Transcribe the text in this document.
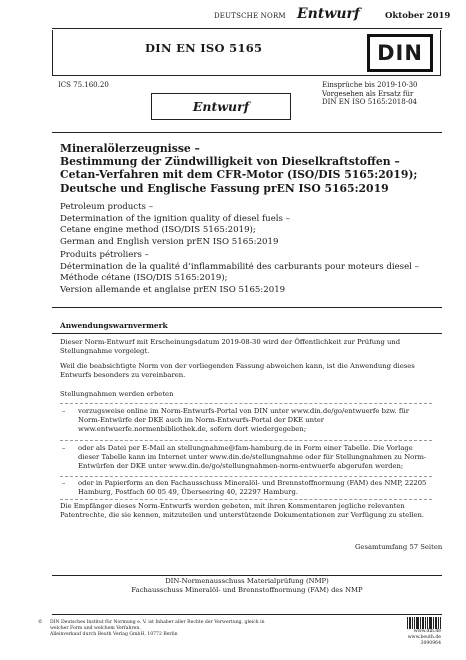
DEUTSCHE NORM Entwurf	Oktober 2019
DIN EN ISO 5165	DIN
ICS 75.160.20	Einsprüche bis 2019-10-30
Vorgesehen als Ersatz für
DIN EN ISO 5165:2018-04
Entwurf
Mineralölerzeugnisse –
Bestimmung der Zündwilligkeit von Dieselkraftstoffen –
Cetan-Verfahren mit dem CFR-Motor (ISO/DIS 5165:2019);
Deutsche und Englische Fassung prEN ISO 5165:2019
Petroleum products –
Determination of the ignition quality of diesel fuels –
Cetane engine method (ISO/DIS 5165:2019);
German and English version prEN ISO 5165:2019
Produits pétroliers –
Détermination de la qualité d’inflammabilité des carburants pour moteurs diesel –
Méthode cétane (ISO/DIS 5165:2019);
Version allemande et anglaise prEN ISO 5165:2019
Anwendungswarnvermerk
Dieser Norm-Entwurf mit Erscheinungsdatum 2019-08-30 wird der Öffentlichkeit zur Prüfung und Stellungnahme vorgelegt.
Weil die beabsichtigte Norm von der vorliegenden Fassung abweichen kann, ist die Anwendung dieses Entwurfs besonders zu vereinbaren.
Stellungnahmen werden erbeten
– vorzugsweise online im Norm-Entwurfs-Portal von DIN unter www.din.de/go/entwuerfe bzw. für Norm-Entwürfe der DKE auch im Norm-Entwurfs-Portal der DKE unter www.entwuerfe.normenbibliothek.de, sofern dort wiedergegeben;
– oder als Datei per E-Mail an stellungnahme@fam-hamburg.de in Form einer Tabelle. Die Vorlage dieser Tabelle kann im Internet unter www.din.de/stellungnahme oder für Stellungnahmen zu Norm-Entwürfen der DKE unter www.din.de/go/stellungnahmen-norm-entwuerfe abgerufen werden;
– oder in Papierform an den Fachausschuss Mineralöl- und Brennstoffnormung (FAM) des NMP, 22205 Hamburg, Postfach 60 05 49, Überseering 40, 22297 Hamburg.
Die Empfänger dieses Norm-Entwurfs werden gebeten, mit ihren Kommentaren jegliche relevanten Patentrechte, die sie kennen, mitzuteilen und unterstützende Dokumentationen zur Verfügung zu stellen.
Gesamtumfang 57 Seiten
DIN-Normenausschuss Materialprüfung (NMP)
Fachausschuss Mineralöl- und Brennstoffnormung (FAM) des NMP
© DIN Deutsches Institut für Normung e. V. ist Inhaber aller Rechte der Verwertung, gleich in
welcher Form und welchem Verfahren.
Alleinverkauf durch Beuth Verlag GmbH, 10772 Berlin
www.din.de
www.beuth.de
3090964
